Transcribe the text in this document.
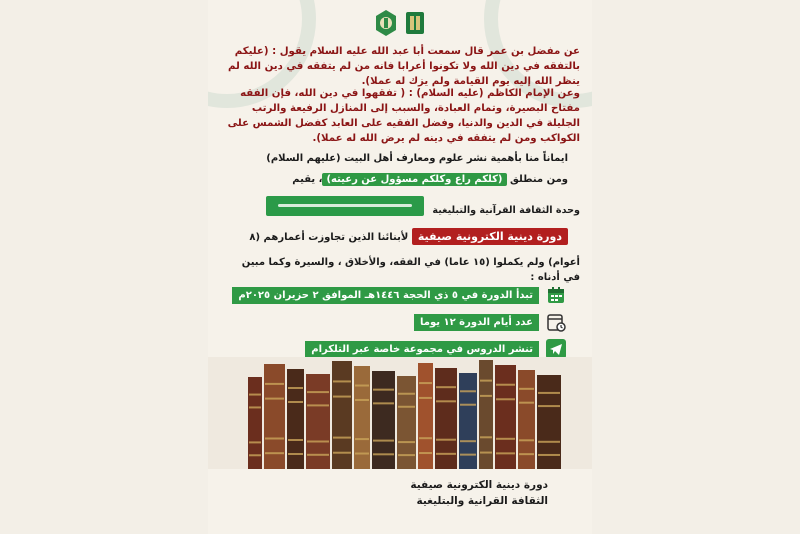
عن مفضل بن عمر قال سمعت أبا عبد الله عليه السلام يقول : (عليكم بالتفقه في دين الله ولا تكونوا أعرابا فانه من لم يتفقه في دين الله لم ينظر الله إليه يوم القيامة ولم يزك له عملا).

وعن الإمام الكاظم (عليه السلام) : ( تفقهوا في دين الله، فإن الفقه مفتاح البصيرة، وتمام العبادة، والسبب إلى المنازل الرفيعة والرتب الجليلة في الدين والدنيا، وفضل الفقيه على العابد كفضل الشمس على الكواكب ومن لم يتفقه في دينه لم يرض الله له عملا).

ايماناً منا بأهمية نشر علوم ومعارف أهل البيت (عليهم السلام)

ومن منطلق (كلكم راع وكلكم مسؤول عن رعيته)، يقيم

وحدة الثقافة القرآنية والتبليغية

دورة دينية الكترونية صيفية لأبنائنا الذين تجاوزت أعمارهم (٨

أعوام) ولم يكملوا (١٥ عاما) في الفقه، والأخلاق ، والسيرة وكما مبين في أدناه :

تبدأ الدورة في ٥ ذي الحجة ١٤٤٦هـ الموافق ٢ حزيران ٢٠٢٥م
عدد أيام الدورة ١٢ يوما
تنشر الدروس في مجموعة خاصة عبر التلكرام
دورة دينية الكترونية صيفية
الثقافة القرانية والبتليغية
